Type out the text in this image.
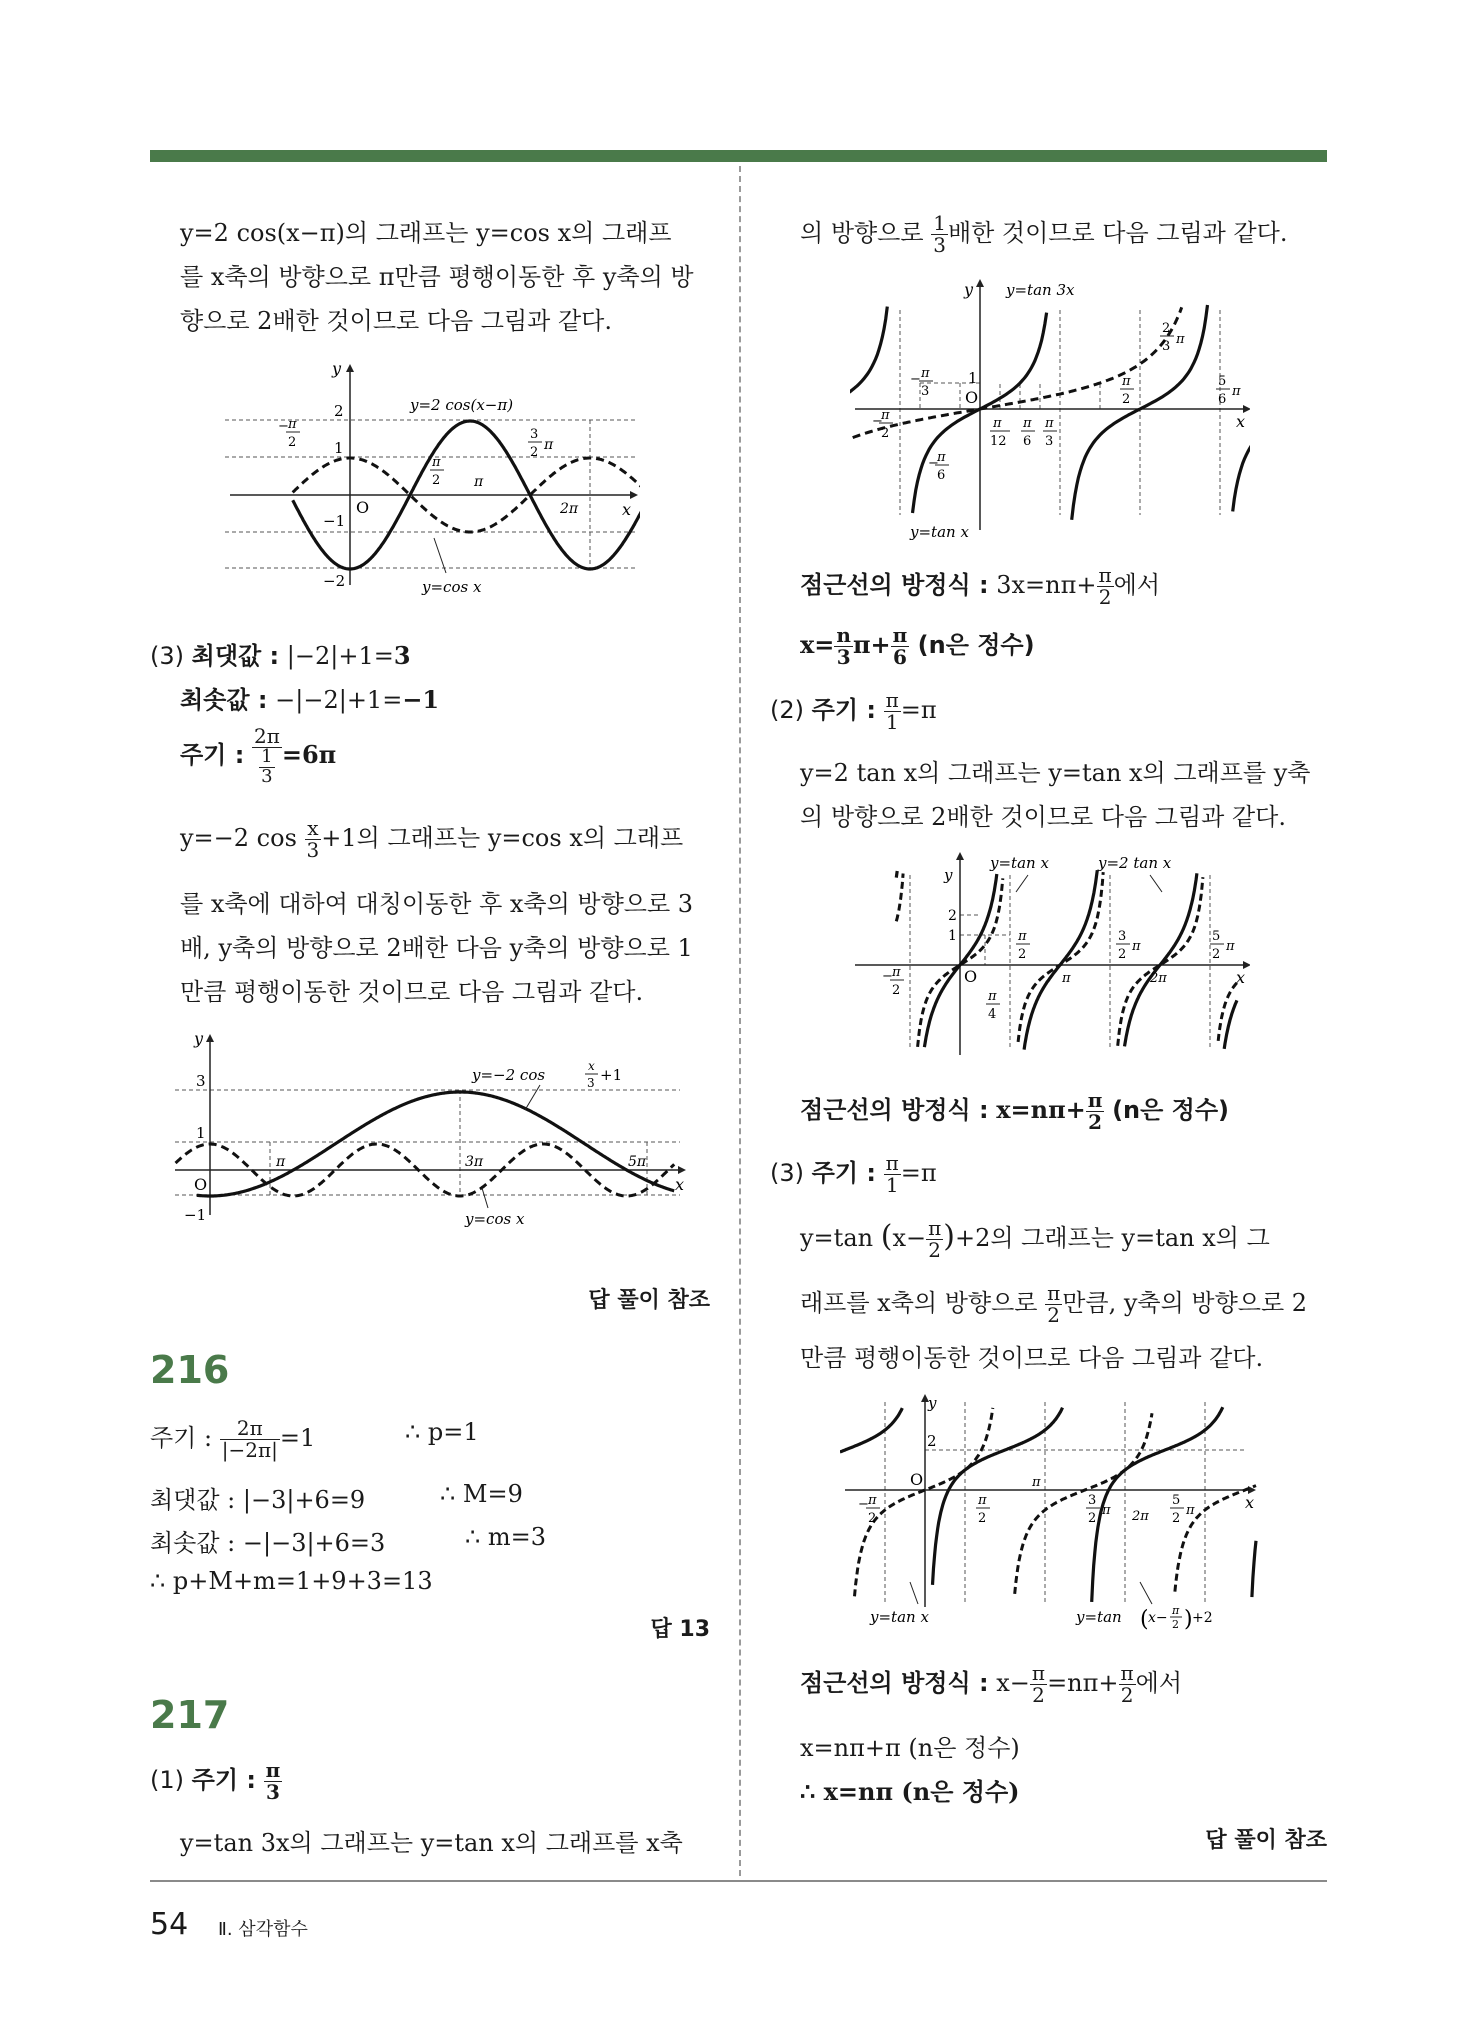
y=2 cos(x−π)의 그래프는 y=cos x의 그래프
를 x축의 방향으로 π만큼 평행이동한 후 y축의 방
향으로 2배한 것이므로 다음 그림과 같다.
y
x
O
2
1
−1
−2
− π
2
π
2 π
3
2 π
2π
y=2 cos(x−π)
y=cos x
(3) 최댓값 : |−2|+1=3
최솟값 : −|−2|+1=−1
주기 : $\frac{2\pi}{\frac{1}{3}} =6\pi$
y=−2 $\cos \frac{x}{3} +1$의 그래프는 y=cos x의 그래프
를 x축에 대하여 대칭이동한 후 x축의 방향으로 3
배, y축의 방향으로 2배한 다음 y축의 방향으로 1
만큼 평행이동한 것이므로 다음 그림과 같다.
y
x
O
3
1
−1
π	3π	5π
y=−2 cos	x
3 +1
y=cos x
답 풀이 참조
216
주기 : $\frac{2\pi}{|-2\pi|} =1$	∴ p=1
최댓값 : |−3|+6=9	∴ M=9
최솟값 : −|−3|+6=3	∴ m=3
∴ p+M+m=1+9+3=13
답 13
217
(1) 주기 : $\frac{\pi}{3}$
y=tan 3x의 그래프는 y=tan x의 그래프를 x축
의 방향으로 $\frac{1}{3}$ 배한 것이므로 다음 그림과 같다.
y
x
O
1
y=tan 3x
y=tan x
π
−
3
−
π
2
−
π
6
π
12
π
6
π
3
π
2
2
3 π
5
6
π
점근선의 방정식 : $3x=n\pi+ \frac{\pi}{2}$ 에서
$x= \frac{n}{3} \pi+ \frac{\pi}{6} (n$은 정수)
(2) 주기 : $\frac{\pi}{1} =\pi$
y=2 tan x의 그래프는 y=tan x의 그래프를 y축
의 방향으로 2배한 것이므로 다음 그림과 같다.
y
x
O
2
1
y=tan x	y=2 tan x
− π
2
π
2
π
4
π
3
2
π
2π
5
2
π
점근선의 방정식 : $x=n\pi+ \frac{\pi}{2} (n$은 정수)
(3) 주기 : $\frac{\pi}{1} =\pi$
y=tan $(x- \frac{\pi}{2} )+2$의 그래프는 y=tan x의 그
래프를 x축의 방향으로 $\frac{\pi}{2}$ 만큼, y축의 방향으로 2
만큼 평행이동한 것이므로 다음 그림과 같다.
y
x
O
2
− π
2
π
2
π
3
2
π 2π
5
2
π
y=tan x	y=tan ( x− π
2 ) +2
점근선의 방정식 : $x- \frac{\pi}{2} =n\pi+ \frac{\pi}{2}$ 에서
x=nπ+π (n은 정수)
∴ x=nπ (n은 정수)
답 풀이 참조
54 Ⅱ. 삼각함수
